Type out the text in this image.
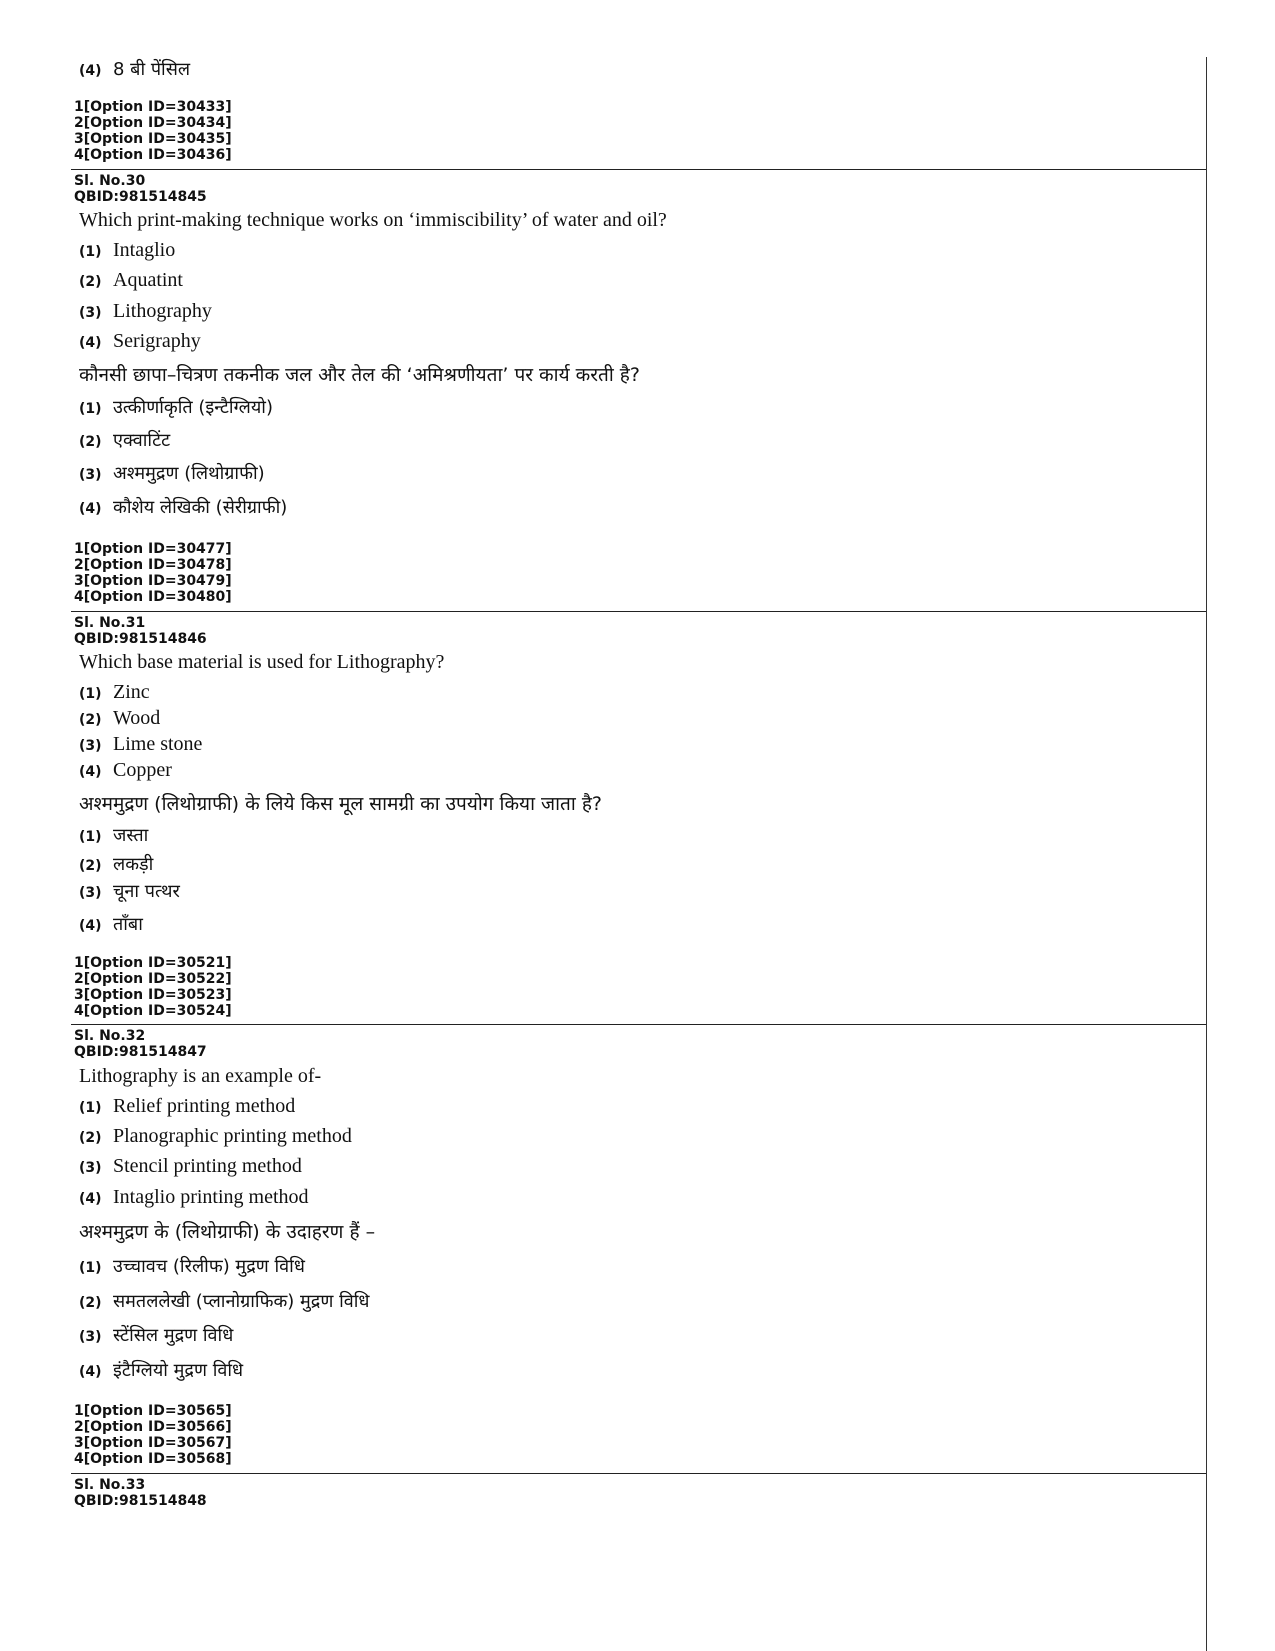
(4) 8 बी पेंसिल
1[Option ID=30433]
2[Option ID=30434]
3[Option ID=30435]
4[Option ID=30436]
Sl. No.30
QBID:981514845
Which print-making technique works on ‘immiscibility’ of water and oil?
(1) Intaglio
(2) Aquatint
(3) Lithography
(4) Serigraphy
कौनसी छापा–चित्रण तकनीक जल और तेल की ‘अमिश्रणीयता’ पर कार्य करती है?
(1) उत्कीर्णाकृति (इन्टैग्लियो)
(2) एक्वाटिंट
(3) अश्ममुद्रण (लिथोग्राफी)
(4) कौशेय लेखिकी (सेरीग्राफी)
1[Option ID=30477]
2[Option ID=30478]
3[Option ID=30479]
4[Option ID=30480]
Sl. No.31
QBID:981514846
Which base material is used for Lithography?
(1) Zinc
(2) Wood
(3) Lime stone
(4) Copper
अश्ममुद्रण (लिथोग्राफी) के लिये किस मूल सामग्री का उपयोग किया जाता है?
(1) जस्ता
(2) लकड़ी
(3) चूना पत्थर
(4) ताँबा
1[Option ID=30521]
2[Option ID=30522]
3[Option ID=30523]
4[Option ID=30524]
Sl. No.32
QBID:981514847
Lithography is an example of-
(1) Relief printing method
(2) Planographic printing method
(3) Stencil printing method
(4) Intaglio printing method
अश्ममुद्रण के (लिथोग्राफी) के उदाहरण हैं –
(1) उच्चावच (रिलीफ) मुद्रण विधि
(2) समतललेखी (प्लानोग्राफिक) मुद्रण विधि
(3) स्टेंसिल मुद्रण विधि
(4) इंटैग्लियो मुद्रण विधि
1[Option ID=30565]
2[Option ID=30566]
3[Option ID=30567]
4[Option ID=30568]
Sl. No.33
QBID:981514848
